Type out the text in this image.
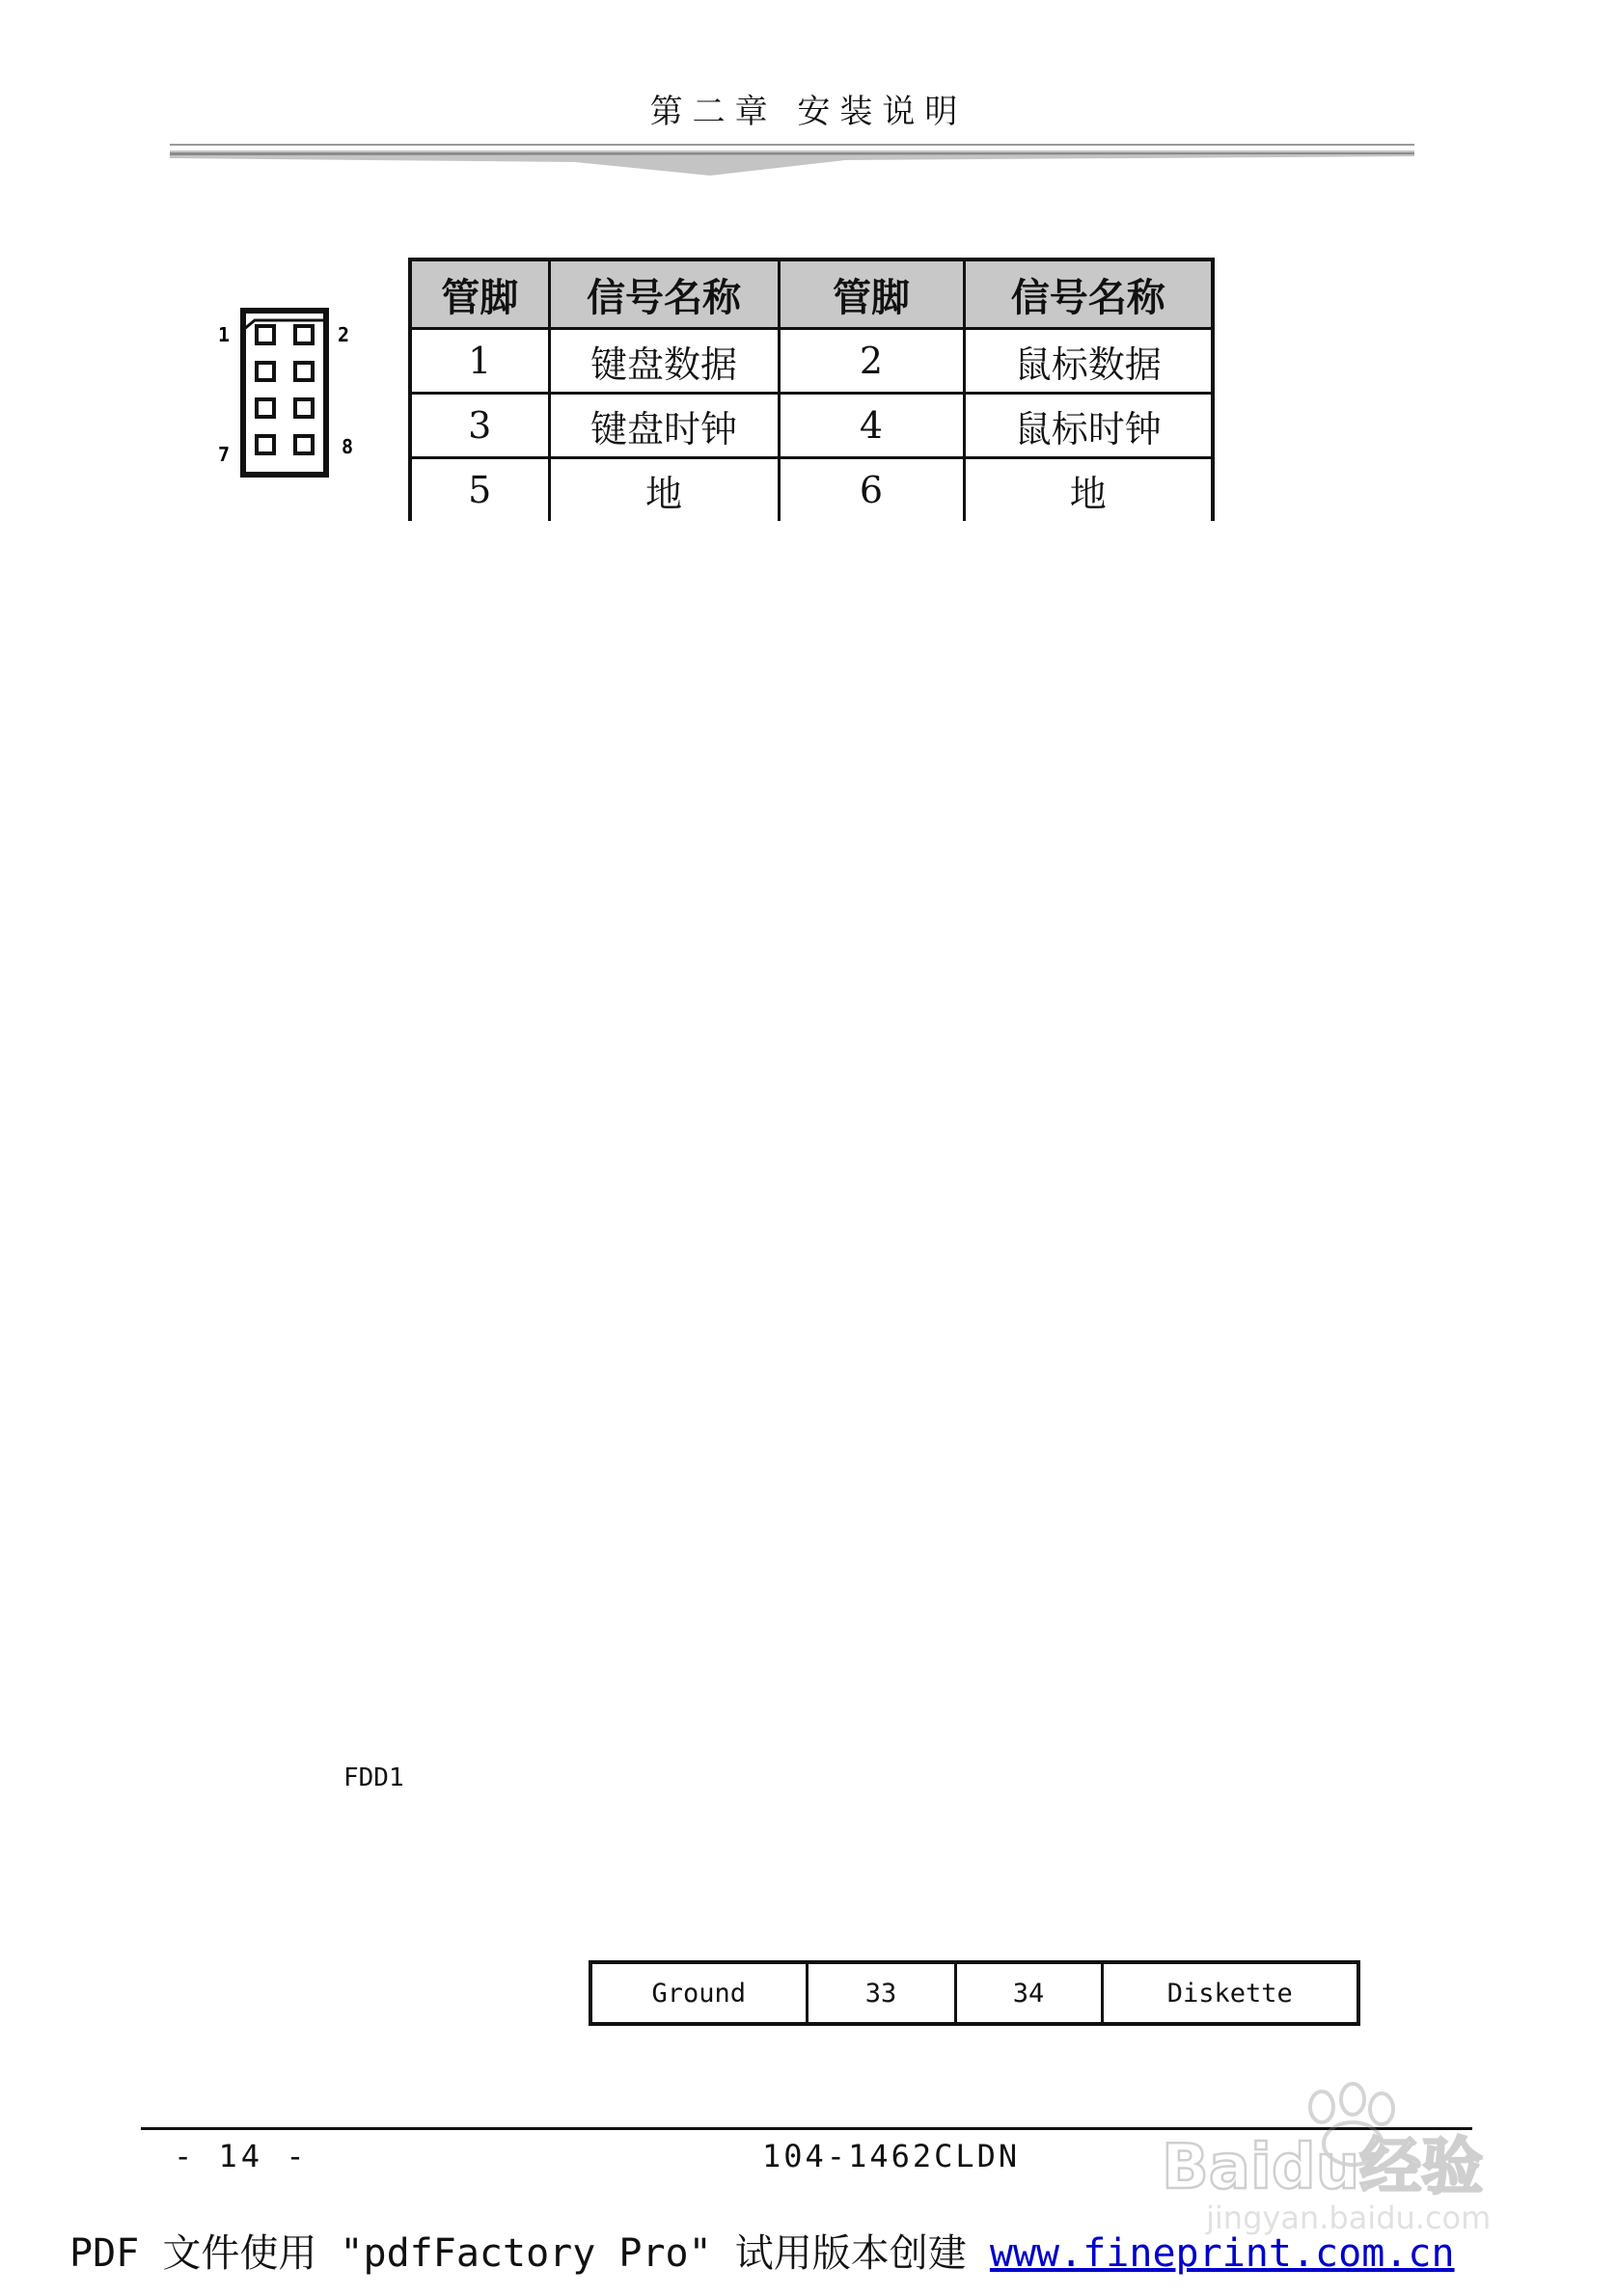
第二章 安装说明
1	2
7	8
管脚	信号名称	管脚	信号名称
1	键盘数据	2	鼠标数据
3	键盘时钟	4	鼠标时钟
5	地	6	地
FDD1
Ground	33	34	Diskette
- 14 -	104-1462CLDN Baidu经验
jingyan.baidu.com
PDF 文件使用 "pdfFactory Pro" 试用版本创建 www.fineprint.com.cn
